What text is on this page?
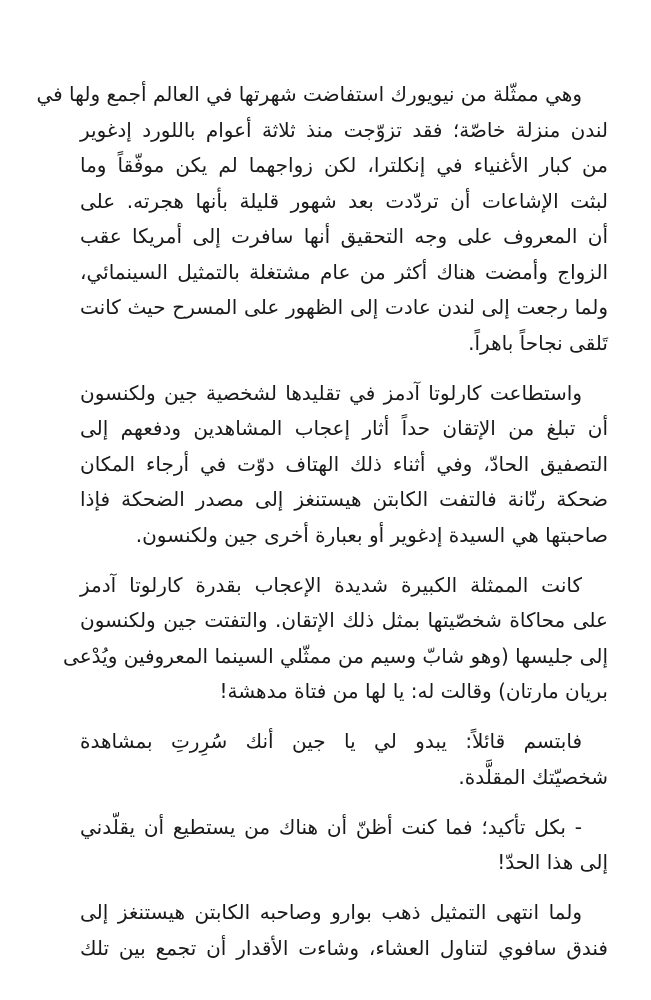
وهي ممثّلة من نيويورك استفاضت شهرتها في العالم أجمع ولها في
لندن منزلة خاصّة؛ فقد تزوّجت منذ ثلاثة أعوام باللورد إدغوير
من كبار الأغنياء في إنكلترا، لكن زواجهما لم يكن موفّقاً وما
لبثت الإشاعات أن تردّدت بعد شهور قليلة بأنها هجرته. على
أن المعروف على وجه التحقيق أنها سافرت إلى أمريكا عقب
الزواج وأمضت هناك أكثر من عام مشتغلة بالتمثيل السينمائي،
ولما رجعت إلى لندن عادت إلى الظهور على المسرح حيث كانت
تَلقى نجاحاً باهراً.
واستطاعت كارلوتا آدمز في تقليدها لشخصية جين ولكنسون
أن تبلغ من الإتقان حداً أثار إعجاب المشاهدين ودفعهم إلى
التصفيق الحادّ، وفي أثناء ذلك الهتاف دوّت في أرجاء المكان
ضحكة رنّانة فالتفت الكابتن هيستنغز إلى مصدر الضحكة فإذا
صاحبتها هي السيدة إدغوير أو بعبارة أخرى جين ولكنسون.
كانت الممثلة الكبيرة شديدة الإعجاب بقدرة كارلوتا آدمز
على محاكاة شخصّيتها بمثل ذلك الإتقان. والتفتت جين ولكنسون
إلى جليسها (وهو شابّ وسيم من ممثّلي السينما المعروفين ويُدْعى
بريان مارتان) وقالت له: يا لها من فتاة مدهشة!
فابتسم قائلاً: يبدو لي يا جين أنك سُرِرتِ بمشاهدة
شخصيّتك المقلَّدة.
- بكل تأكيد؛ فما كنت أظنّ أن هناك من يستطيع أن يقلّدني
إلى هذا الحدّ!
ولما انتهى التمثيل ذهب بوارو وصاحبه الكابتن هيستنغز إلى
فندق سافوي لتناول العشاء، وشاءت الأقدار أن تجمع بين تلك
